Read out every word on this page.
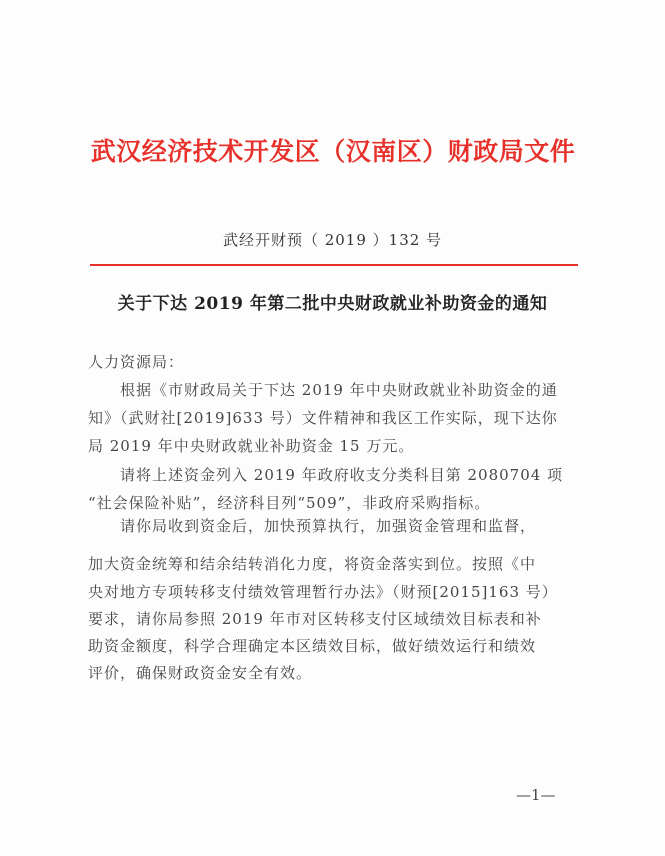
武汉经济技术开发区（汉南区）财政局文件
武经开财预（ 2019 ）132 号
关于下达 2019 年第二批中央财政就业补助资金的通知
人力资源局：
　　根据《市财政局关于下达 2019 年中央财政就业补助资金的通
知》（武财社[2019]633 号）文件精神和我区工作实际，现下达你
局 2019 年中央财政就业补助资金 15 万元。
　　请将上述资金列入 2019 年政府收支分类科目第 2080704 项
“社会保险补贴”，经济科目列“509”，非政府采购指标。
　　请你局收到资金后，加快预算执行，加强资金管理和监督，
加大资金统筹和结余结转消化力度，将资金落实到位。按照《中
央对地方专项转移支付绩效管理暂行办法》（财预[2015]163 号）
要求，请你局参照 2019 年市对区转移支付区域绩效目标表和补
助资金额度，科学合理确定本区绩效目标，做好绩效运行和绩效
评价，确保财政资金安全有效。
—1—
